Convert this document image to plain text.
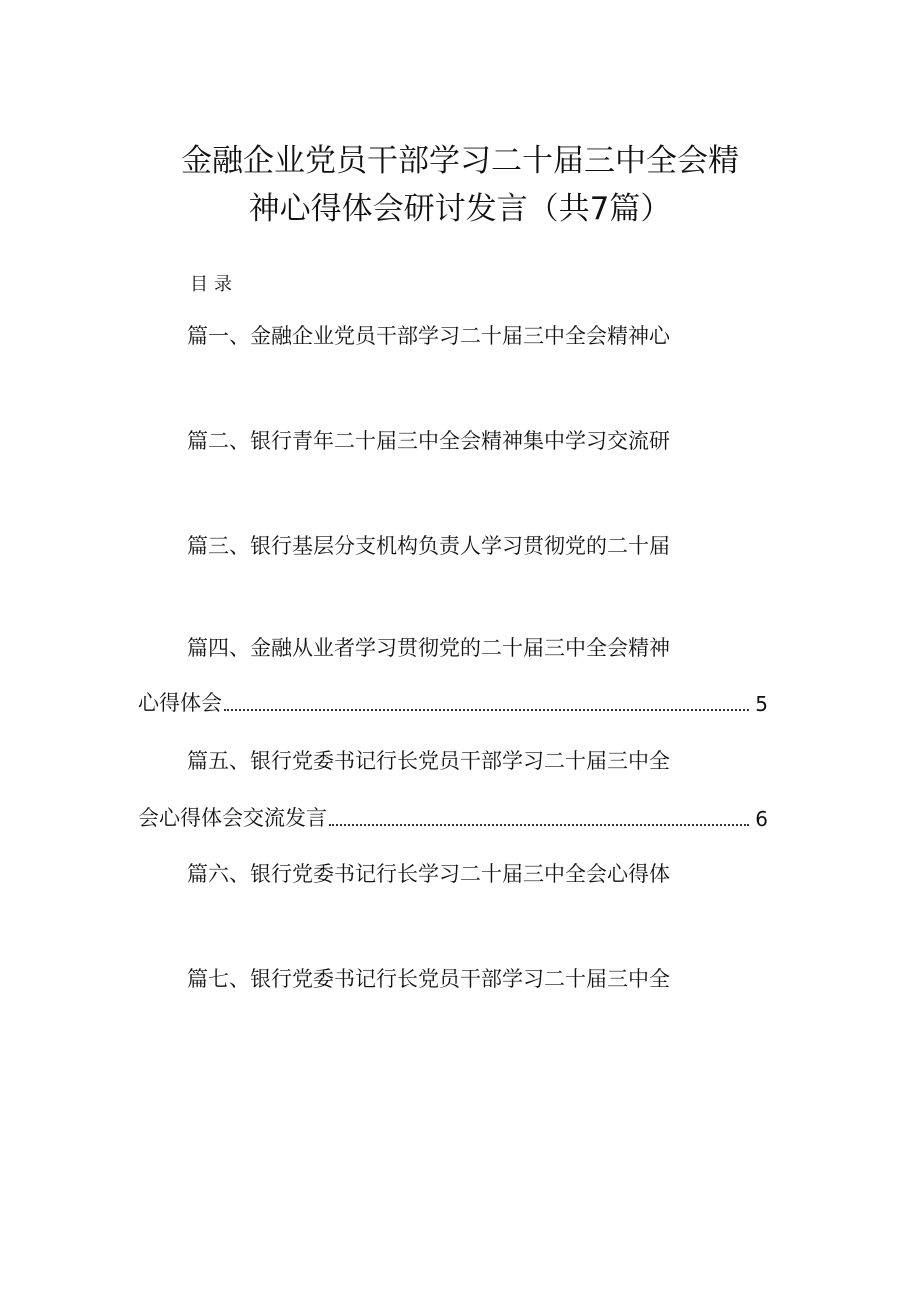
金融企业党员干部学习二十届三中全会精
神心得体会研讨发言（共7篇）
目录
篇一、金融企业党员干部学习二十届三中全会精神心
篇二、银行青年二十届三中全会精神集中学习交流研
篇三、银行基层分支机构负责人学习贯彻党的二十届
篇四、金融从业者学习贯彻党的二十届三中全会精神
心得体会	5
篇五、银行党委书记行长党员干部学习二十届三中全
会心得体会交流发言	6
篇六、银行党委书记行长学习二十届三中全会心得体
篇七、银行党委书记行长党员干部学习二十届三中全
